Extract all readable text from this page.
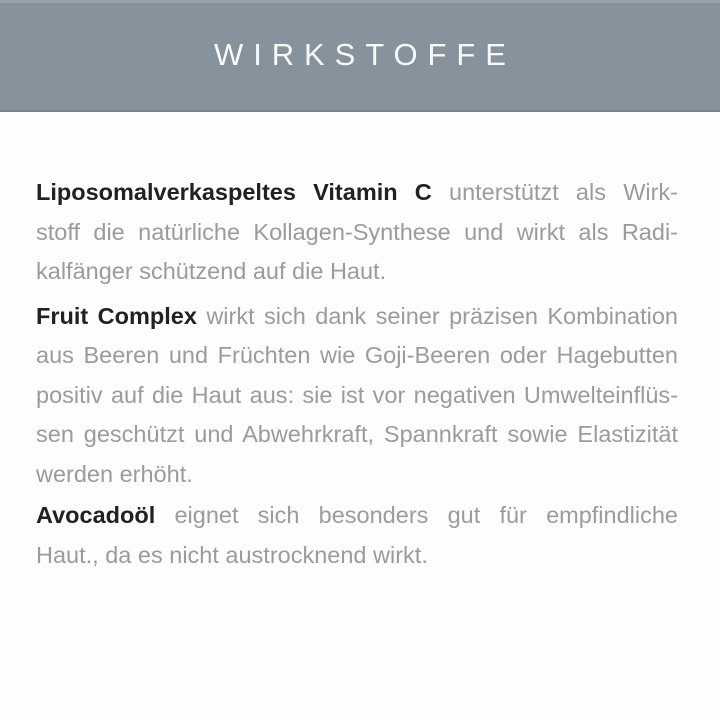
WIRKSTOFFE
Liposomalverkaspeltes Vitamin C unterstützt als Wirk-
stoff die natürliche Kollagen-Synthese und wirkt als Radi-
kalfänger schützend auf die Haut.
Fruit Complex wirkt sich dank seiner präzisen Kombination
aus Beeren und Früchten wie Goji-Beeren oder Hagebutten
positiv auf die Haut aus: sie ist vor negativen Umwelteinflüs-
sen geschützt und Abwehrkraft, Spannkraft sowie Elastizität
werden erhöht.
Avocadoöl eignet sich besonders gut für empfindliche
Haut., da es nicht austrocknend wirkt.
